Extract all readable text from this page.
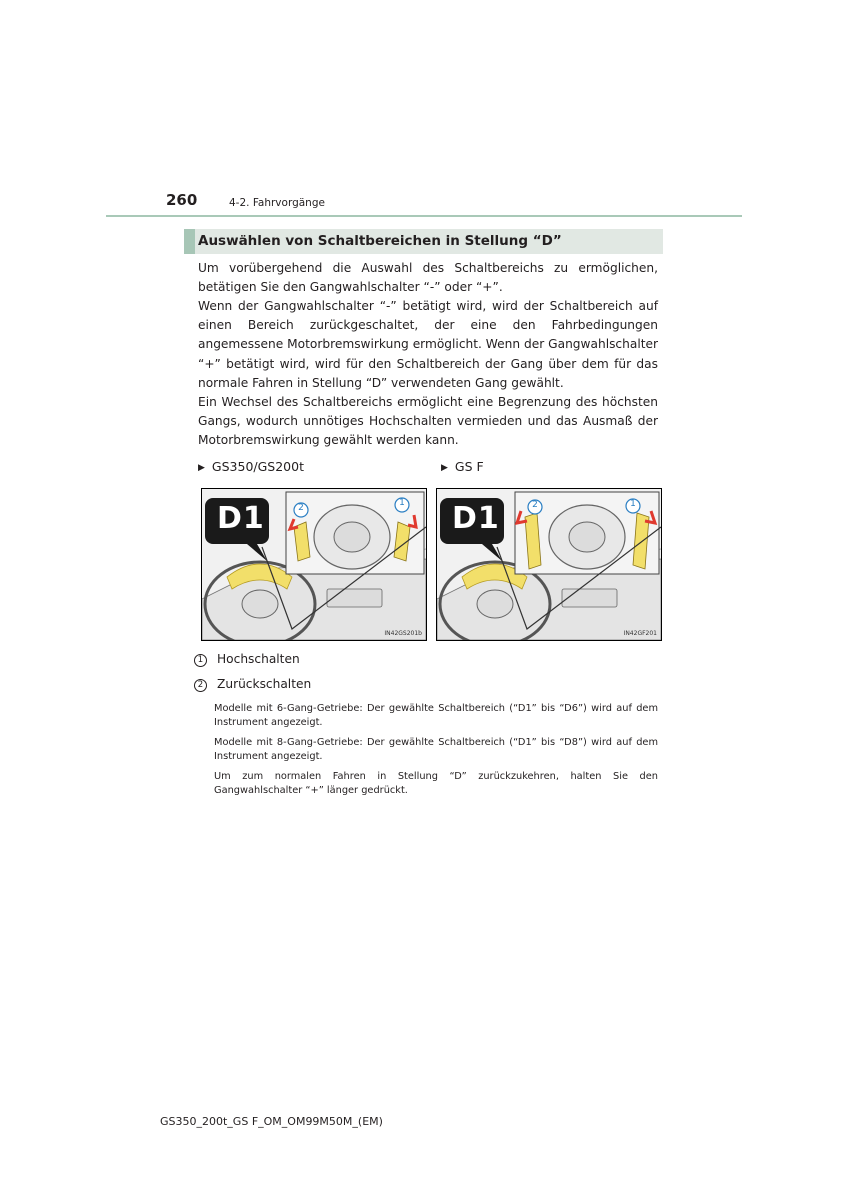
260	4-2. Fahrvorgänge
Auswählen von Schaltbereichen in Stellung “D”
Um vorübergehend die Auswahl des Schaltbereichs zu ermöglichen, betätigen Sie den Gangwahlschalter “-” oder “+”.
Wenn der Gangwahlschalter “-” betätigt wird, wird der Schaltbereich auf einen Bereich zurückgeschaltet, der eine den Fahrbedingungen angemessene Motorbremswirkung ermöglicht. Wenn der Gangwahlschalter “+” betätigt wird, wird für den Schaltbereich der Gang über dem für das normale Fahren in Stellung “D” verwendeten Gang gewählt.
Ein Wechsel des Schaltbereichs ermöglicht eine Begrenzung des höchsten Gangs, wodurch unnötiges Hochschalten vermieden und das Ausmaß der Motorbremswirkung gewählt werden kann.
▶ GS350/GS200t	▶ GS F
D1	2	1
IN42GS201b
D1	2	1
IN42GF201
1 Hochschalten
2 Zurückschalten
Modelle mit 6-Gang-Getriebe: Der gewählte Schaltbereich (“D1” bis “D6”) wird auf dem Instrument angezeigt.
Modelle mit 8-Gang-Getriebe: Der gewählte Schaltbereich (“D1” bis “D8”) wird auf dem Instrument angezeigt.
Um zum normalen Fahren in Stellung “D” zurückzukehren, halten Sie den Gangwahlschalter “+” länger gedrückt.
GS350_200t_GS F_OM_OM99M50M_(EM)
